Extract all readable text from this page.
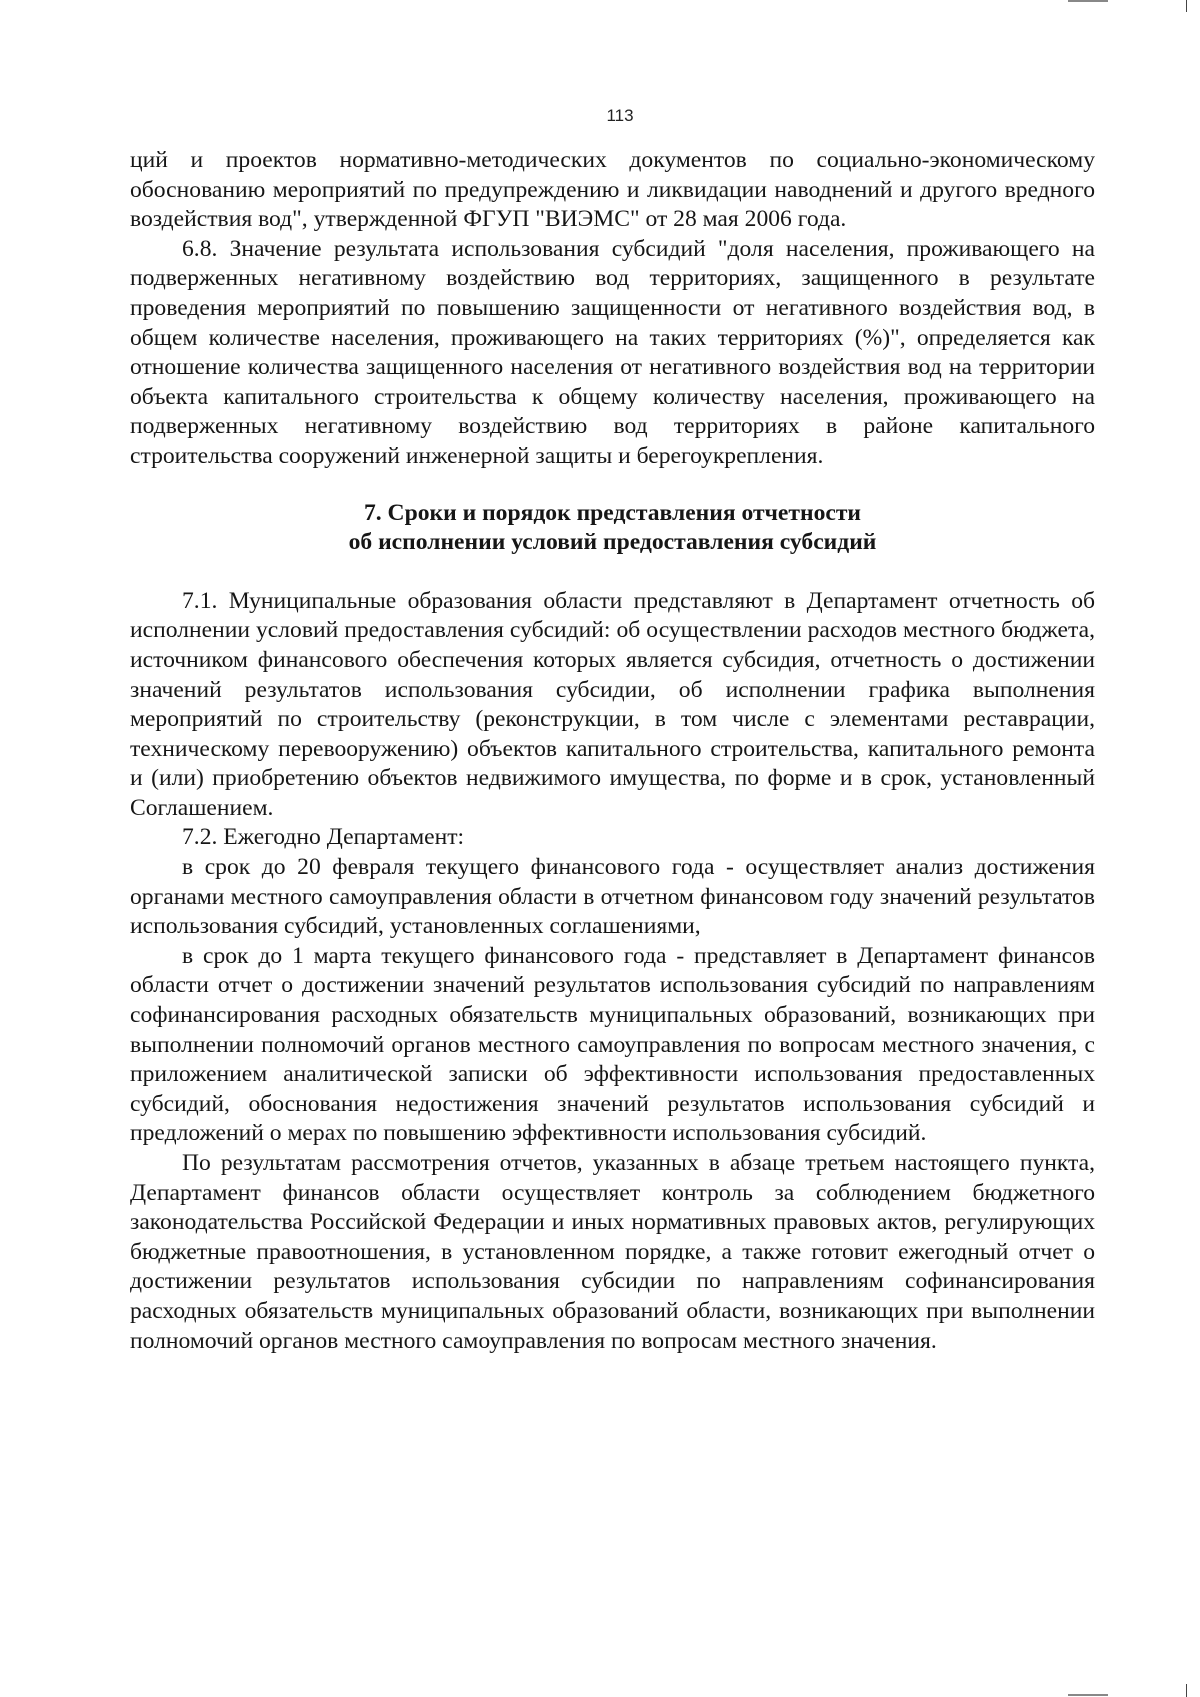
113

ций и проектов нормативно-методических документов по социально-экономическому обоснованию мероприятий по предупреждению и ликвидации наводнений и другого вредного воздействия вод", утвержденной ФГУП "ВИЭМС" от 28 мая 2006 года.

6.8. Значение результата использования субсидий "доля населения, проживающего на подверженных негативному воздействию вод территориях, защищенного в результате проведения мероприятий по повышению защищенности от негативного воздействия вод, в общем количестве населения, проживающего на таких территориях (%)", определяется как отношение количества защищенного населения от негативного воздействия вод на территории объекта капитального строительства к общему количеству населения, проживающего на подверженных негативному воздействию вод территориях в районе капитального строительства сооружений инженерной защиты и берегоукрепления.

7. Сроки и порядок представления отчетности
об исполнении условий предоставления субсидий

7.1. Муниципальные образования области представляют в Департамент отчетность об исполнении условий предоставления субсидий: об осуществлении расходов местного бюджета, источником финансового обеспечения которых является субсидия, отчетность о достижении значений результатов использования субсидии, об исполнении графика выполнения мероприятий по строительству (реконструкции, в том числе с элементами реставрации, техническому перевооружению) объектов капитального строительства, капитального ремонта и (или) приобретению объектов недвижимого имущества, по форме и в срок, установленный Соглашением.

7.2. Ежегодно Департамент:

в срок до 20 февраля текущего финансового года - осуществляет анализ достижения органами местного самоуправления области в отчетном финансовом году значений результатов использования субсидий, установленных соглашениями,

в срок до 1 марта текущего финансового года - представляет в Департамент финансов области отчет о достижении значений результатов использования субсидий по направлениям софинансирования расходных обязательств муниципальных образований, возникающих при выполнении полномочий органов местного самоуправления по вопросам местного значения, с приложением аналитической записки об эффективности использования предоставленных субсидий, обоснования недостижения значений результатов использования субсидий и предложений о мерах по повышению эффективности использования субсидий.

По результатам рассмотрения отчетов, указанных в абзаце третьем настоящего пункта, Департамент финансов области осуществляет контроль за соблюдением бюджетного законодательства Российской Федерации и иных нормативных правовых актов, регулирующих бюджетные правоотношения, в установленном порядке, а также готовит ежегодный отчет о достижении результатов использования субсидии по направлениям софинансирования расходных обязательств муниципальных образований области, возникающих при выполнении полномочий органов местного самоуправления по вопросам местного значения.
